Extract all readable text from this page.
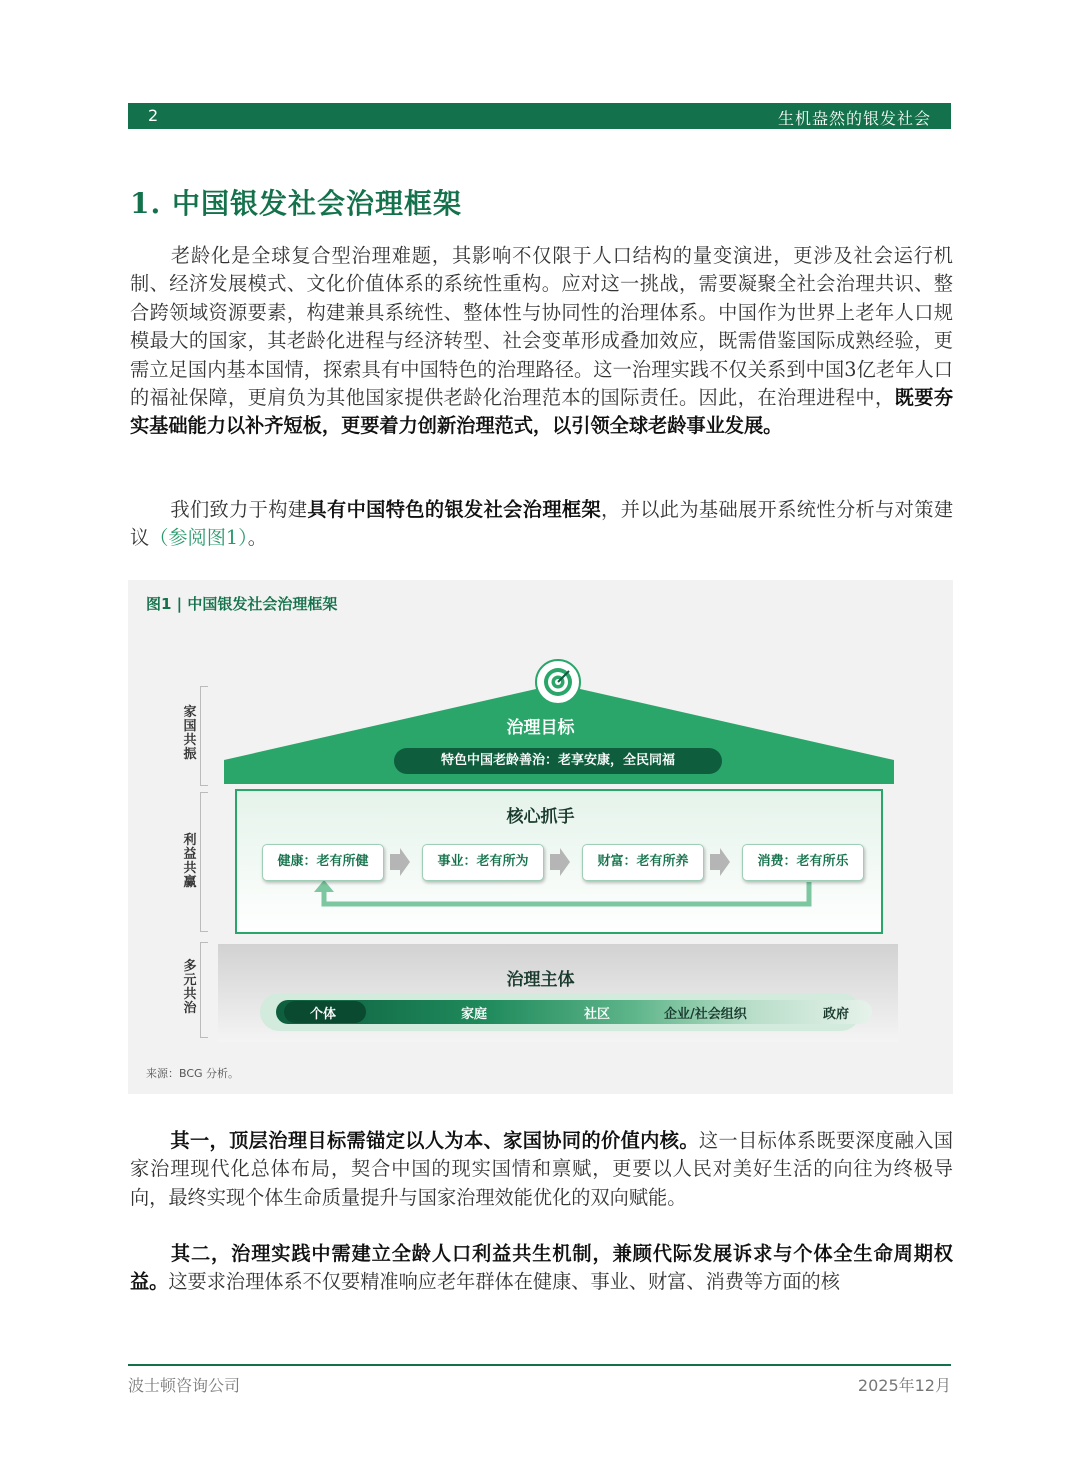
2	生机盎然的银发社会
1. 中国银发社会治理框架
老龄化是全球复合型治理难题，其影响不仅限于人口结构的量变演进，更涉及社会运行机制、经济发展模式、文化价值体系的系统性重构。应对这一挑战，需要凝聚全社会治理共识、整合跨领域资源要素，构建兼具系统性、整体性与协同性的治理体系。中国作为世界上老年人口规模最大的国家，其老龄化进程与经济转型、社会变革形成叠加效应，既需借鉴国际成熟经验，更需立足国内基本国情，探索具有中国特色的治理路径。这一治理实践不仅关系到中国3亿老年人口的福祉保障，更肩负为其他国家提供老龄化治理范本的国际责任。因此，在治理进程中，既要夯实基础能力以补齐短板，更要着力创新治理范式，以引领全球老龄事业发展。
我们致力于构建具有中国特色的银发社会治理框架，并以此为基础展开系统性分析与对策建议（参阅图1）。
图1 | 中国银发社会治理框架
家国共振
利益共赢
多元共治
治理目标
特色中国老龄善治：老享安康，全民同福
核心抓手
健康：老有所健	事业：老有所为	财富：老有所养	消费：老有所乐
治理主体
个体	家庭	社区	企业/社会组织	政府
来源：BCG 分析。
其一，顶层治理目标需锚定以人为本、家国协同的价值内核。这一目标体系既要深度融入国家治理现代化总体布局，契合中国的现实国情和禀赋，更要以人民对美好生活的向往为终极导向，最终实现个体生命质量提升与国家治理效能优化的双向赋能。
其二，治理实践中需建立全龄人口利益共生机制，兼顾代际发展诉求与个体全生命周期权益。这要求治理体系不仅要精准响应老年群体在健康、事业、财富、消费等方面的核
波士顿咨询公司	2025年12月
